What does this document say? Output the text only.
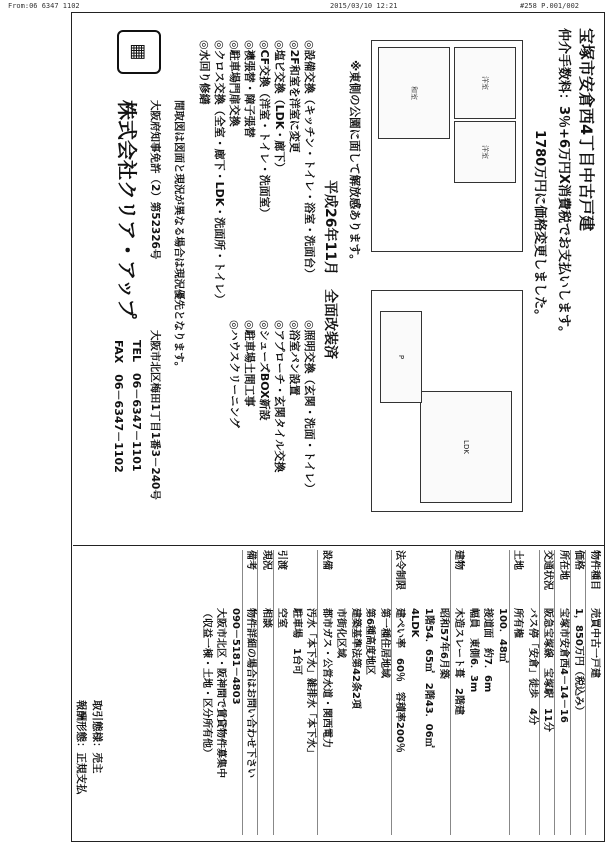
From:06 6347 1102	2015/03/10 12:21	#258 P.001/002
宝塚市安倉西4丁目中古戸建
仲介手数料：3％+6万円X消費税でお支払いします。
1780万円に価格変更しました。
洋室
洋室
和室
LDK
P
※東側の公園に面して解放感あります。
平成26年11月　全面改装済
◎設備交換（キッチン・トイレ・浴室・洗面台）
◎2F和室を洋室に変更
◎塩ビ交換（LDK・廊下）
◎CF交換（洋室・トイレ・洗面室）
◎襖張替・障子張替
◎駐車場門扉交換
◎クロス交換（全室・廊下・LDK・洗面所・トイレ）
◎水回り修繕
◎照明交換（玄関・洗面・トイレ）
◎浴室パン設置
◎アプローチ・玄関タイル交換
◎シューズBOX新設
◎駐車場土間工事
◎ハウスクリーニング
間取図は図面と現況が異なる場合は現況優先となります。
▦
大阪府知事免許（2）第52326号
株式会社クリア・アップ
大阪市北区梅田1丁目1番3－240号
TEL　06－6347－1101
FAX　06－6347－1102
物件種目
売買中古一戸建
価格
1，850万円（税込み）
所在地
宝塚市安倉西4－14－16
交通状況
阪急宝塚線　宝塚駅　11分
バス停「安倉」徒歩　4分
土地
所有権
100．48㎡
接道面　約7．6m
幅員　東側6．3m
建物
木造スレート葺　2階建
昭和57年6月築
1階54．65㎡　2階43．06㎡
4LDK
法令制限
建ぺい率　60％　容積率200％
第一種住居地域
第6種高度地区
建築基準法第42条2項
市街化区域
設備
都市ガス・公営水道・関西電力
汚水「本下水」雑排水「本下水」
駐車場　1台可
引渡
空室
現況
相談
備考
物件詳細の場合はお問い合わせ下さい
090－5181－4803
大阪市北区・阪神間で賃貸物件募集中
（収益一棟・土地・区分所有他）
取引態様：売主
報酬形態：正規支払
